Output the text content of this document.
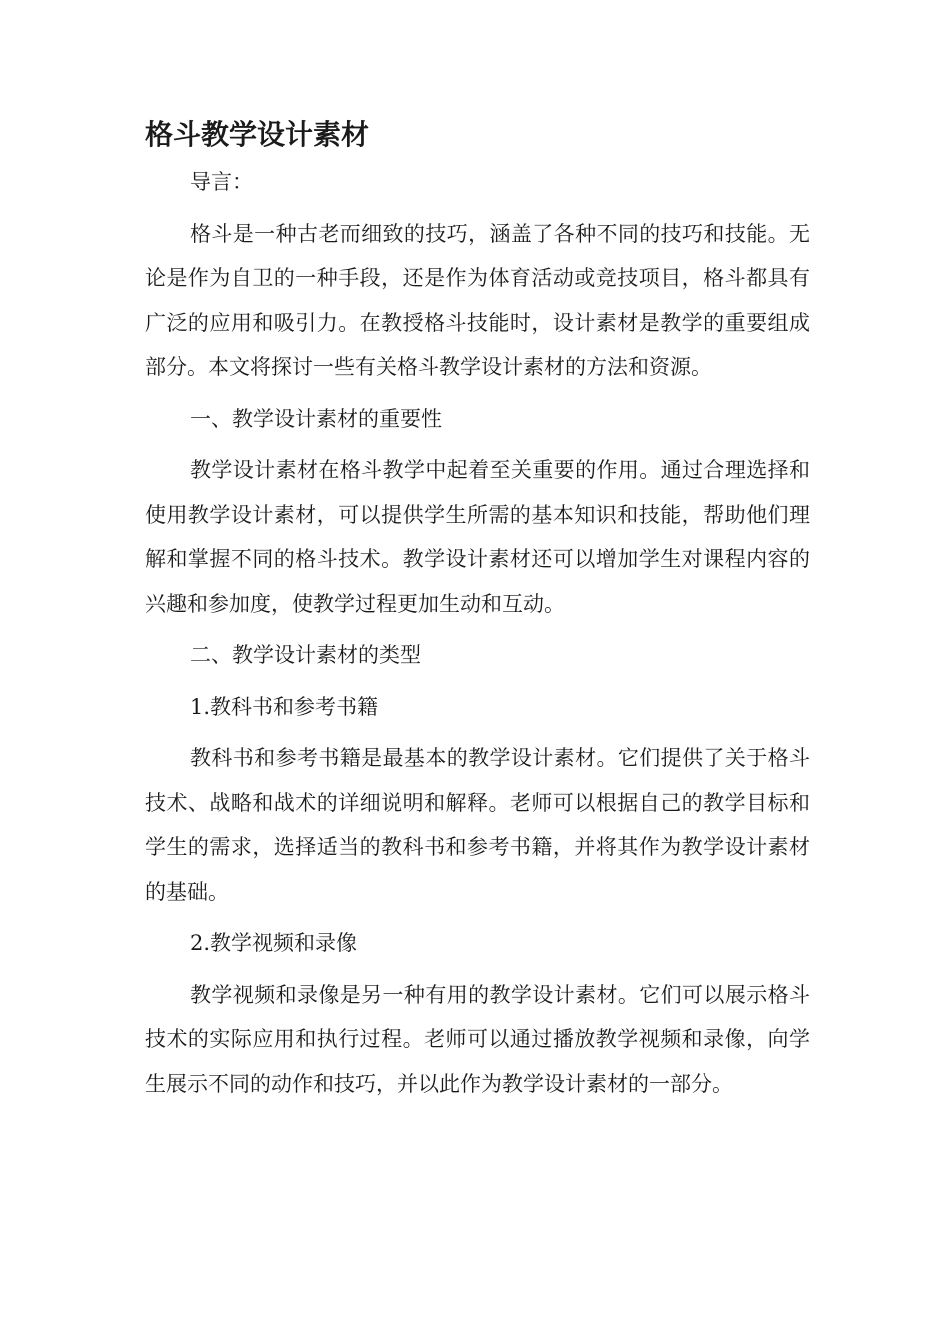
格斗教学设计素材

导言：

格斗是一种古老而细致的技巧，涵盖了各种不同的技巧和技能。无论是作为自卫的一种手段，还是作为体育活动或竞技项目，格斗都具有广泛的应用和吸引力。在教授格斗技能时，设计素材是教学的重要组成部分。本文将探讨一些有关格斗教学设计素材的方法和资源。

一、教学设计素材的重要性

教学设计素材在格斗教学中起着至关重要的作用。通过合理选择和使用教学设计素材，可以提供学生所需的基本知识和技能，帮助他们理解和掌握不同的格斗技术。教学设计素材还可以增加学生对课程内容的兴趣和参加度，使教学过程更加生动和互动。

二、教学设计素材的类型

1.教科书和参考书籍

教科书和参考书籍是最基本的教学设计素材。它们提供了关于格斗技术、战略和战术的详细说明和解释。老师可以根据自己的教学目标和学生的需求，选择适当的教科书和参考书籍，并将其作为教学设计素材的基础。

2.教学视频和录像

教学视频和录像是另一种有用的教学设计素材。它们可以展示格斗技术的实际应用和执行过程。老师可以通过播放教学视频和录像，向学生展示不同的动作和技巧，并以此作为教学设计素材的一部分。
